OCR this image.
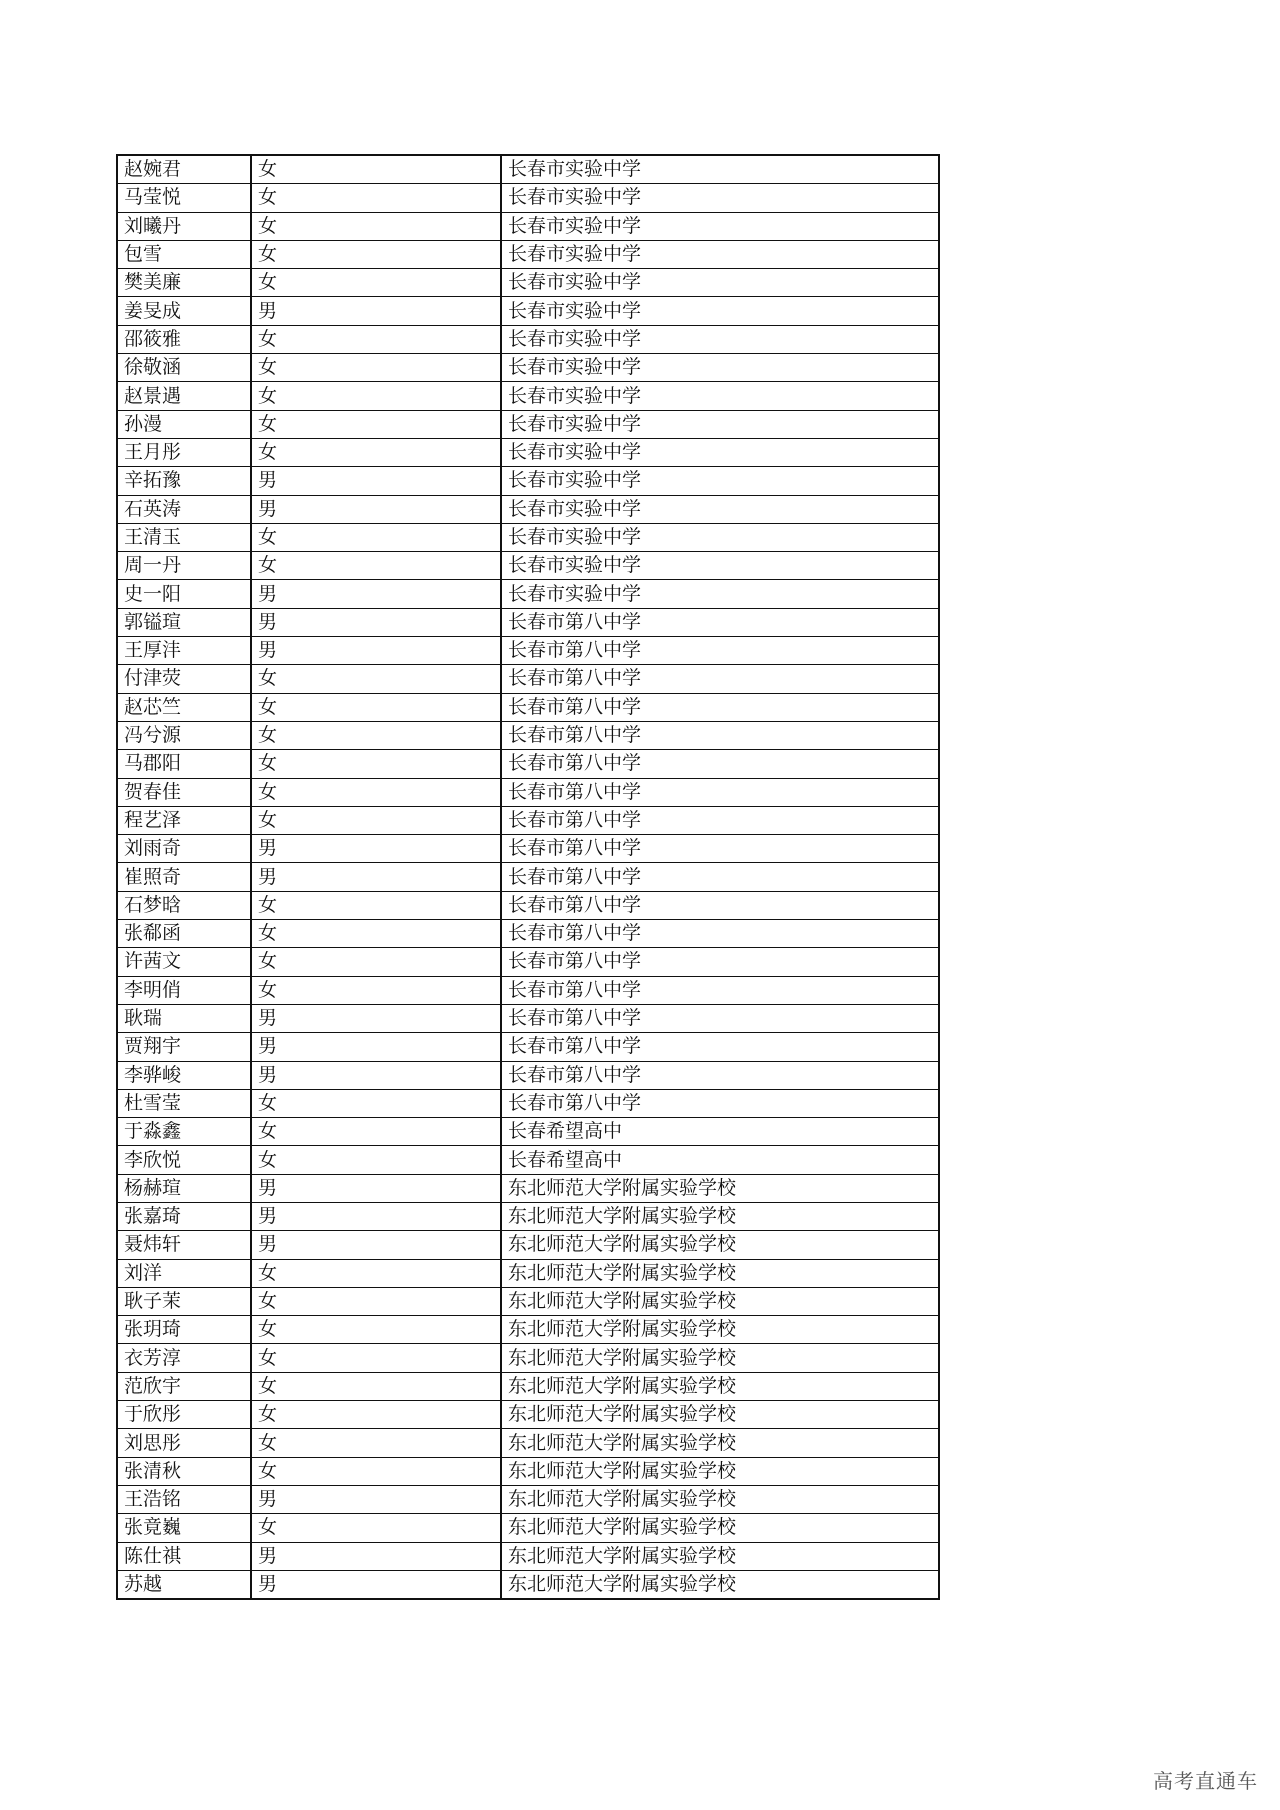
赵婉君	女	长春市实验中学
马莹悦	女	长春市实验中学
刘曦丹	女	长春市实验中学
包雪	女	长春市实验中学
樊美廉	女	长春市实验中学
姜旻成	男	长春市实验中学
邵筱雅	女	长春市实验中学
徐敬涵	女	长春市实验中学
赵景遇	女	长春市实验中学
孙漫	女	长春市实验中学
王月彤	女	长春市实验中学
辛拓豫	男	长春市实验中学
石英涛	男	长春市实验中学
王清玉	女	长春市实验中学
周一丹	女	长春市实验中学
史一阳	男	长春市实验中学
郭镒瑄	男	长春市第八中学
王厚沣	男	长春市第八中学
付津荧	女	长春市第八中学
赵芯竺	女	长春市第八中学
冯兮源	女	长春市第八中学
马郡阳	女	长春市第八中学
贺春佳	女	长春市第八中学
程艺泽	女	长春市第八中学
刘雨奇	男	长春市第八中学
崔照奇	男	长春市第八中学
石梦晗	女	长春市第八中学
张郗函	女	长春市第八中学
许茜文	女	长春市第八中学
李明俏	女	长春市第八中学
耿瑞	男	长春市第八中学
贾翔宇	男	长春市第八中学
李骅峻	男	长春市第八中学
杜雪莹	女	长春市第八中学
于淼鑫	女	长春希望高中
李欣悦	女	长春希望高中
杨赫瑄	男	东北师范大学附属实验学校
张嘉琦	男	东北师范大学附属实验学校
聂炜轩	男	东北师范大学附属实验学校
刘洋	女	东北师范大学附属实验学校
耿子茉	女	东北师范大学附属实验学校
张玥琦	女	东北师范大学附属实验学校
衣芳淳	女	东北师范大学附属实验学校
范欣宇	女	东北师范大学附属实验学校
于欣彤	女	东北师范大学附属实验学校
刘思彤	女	东北师范大学附属实验学校
张清秋	女	东北师范大学附属实验学校
王浩铭	男	东北师范大学附属实验学校
张竟巍	女	东北师范大学附属实验学校
陈仕祺	男	东北师范大学附属实验学校
苏越	男	东北师范大学附属实验学校
高考直通车
